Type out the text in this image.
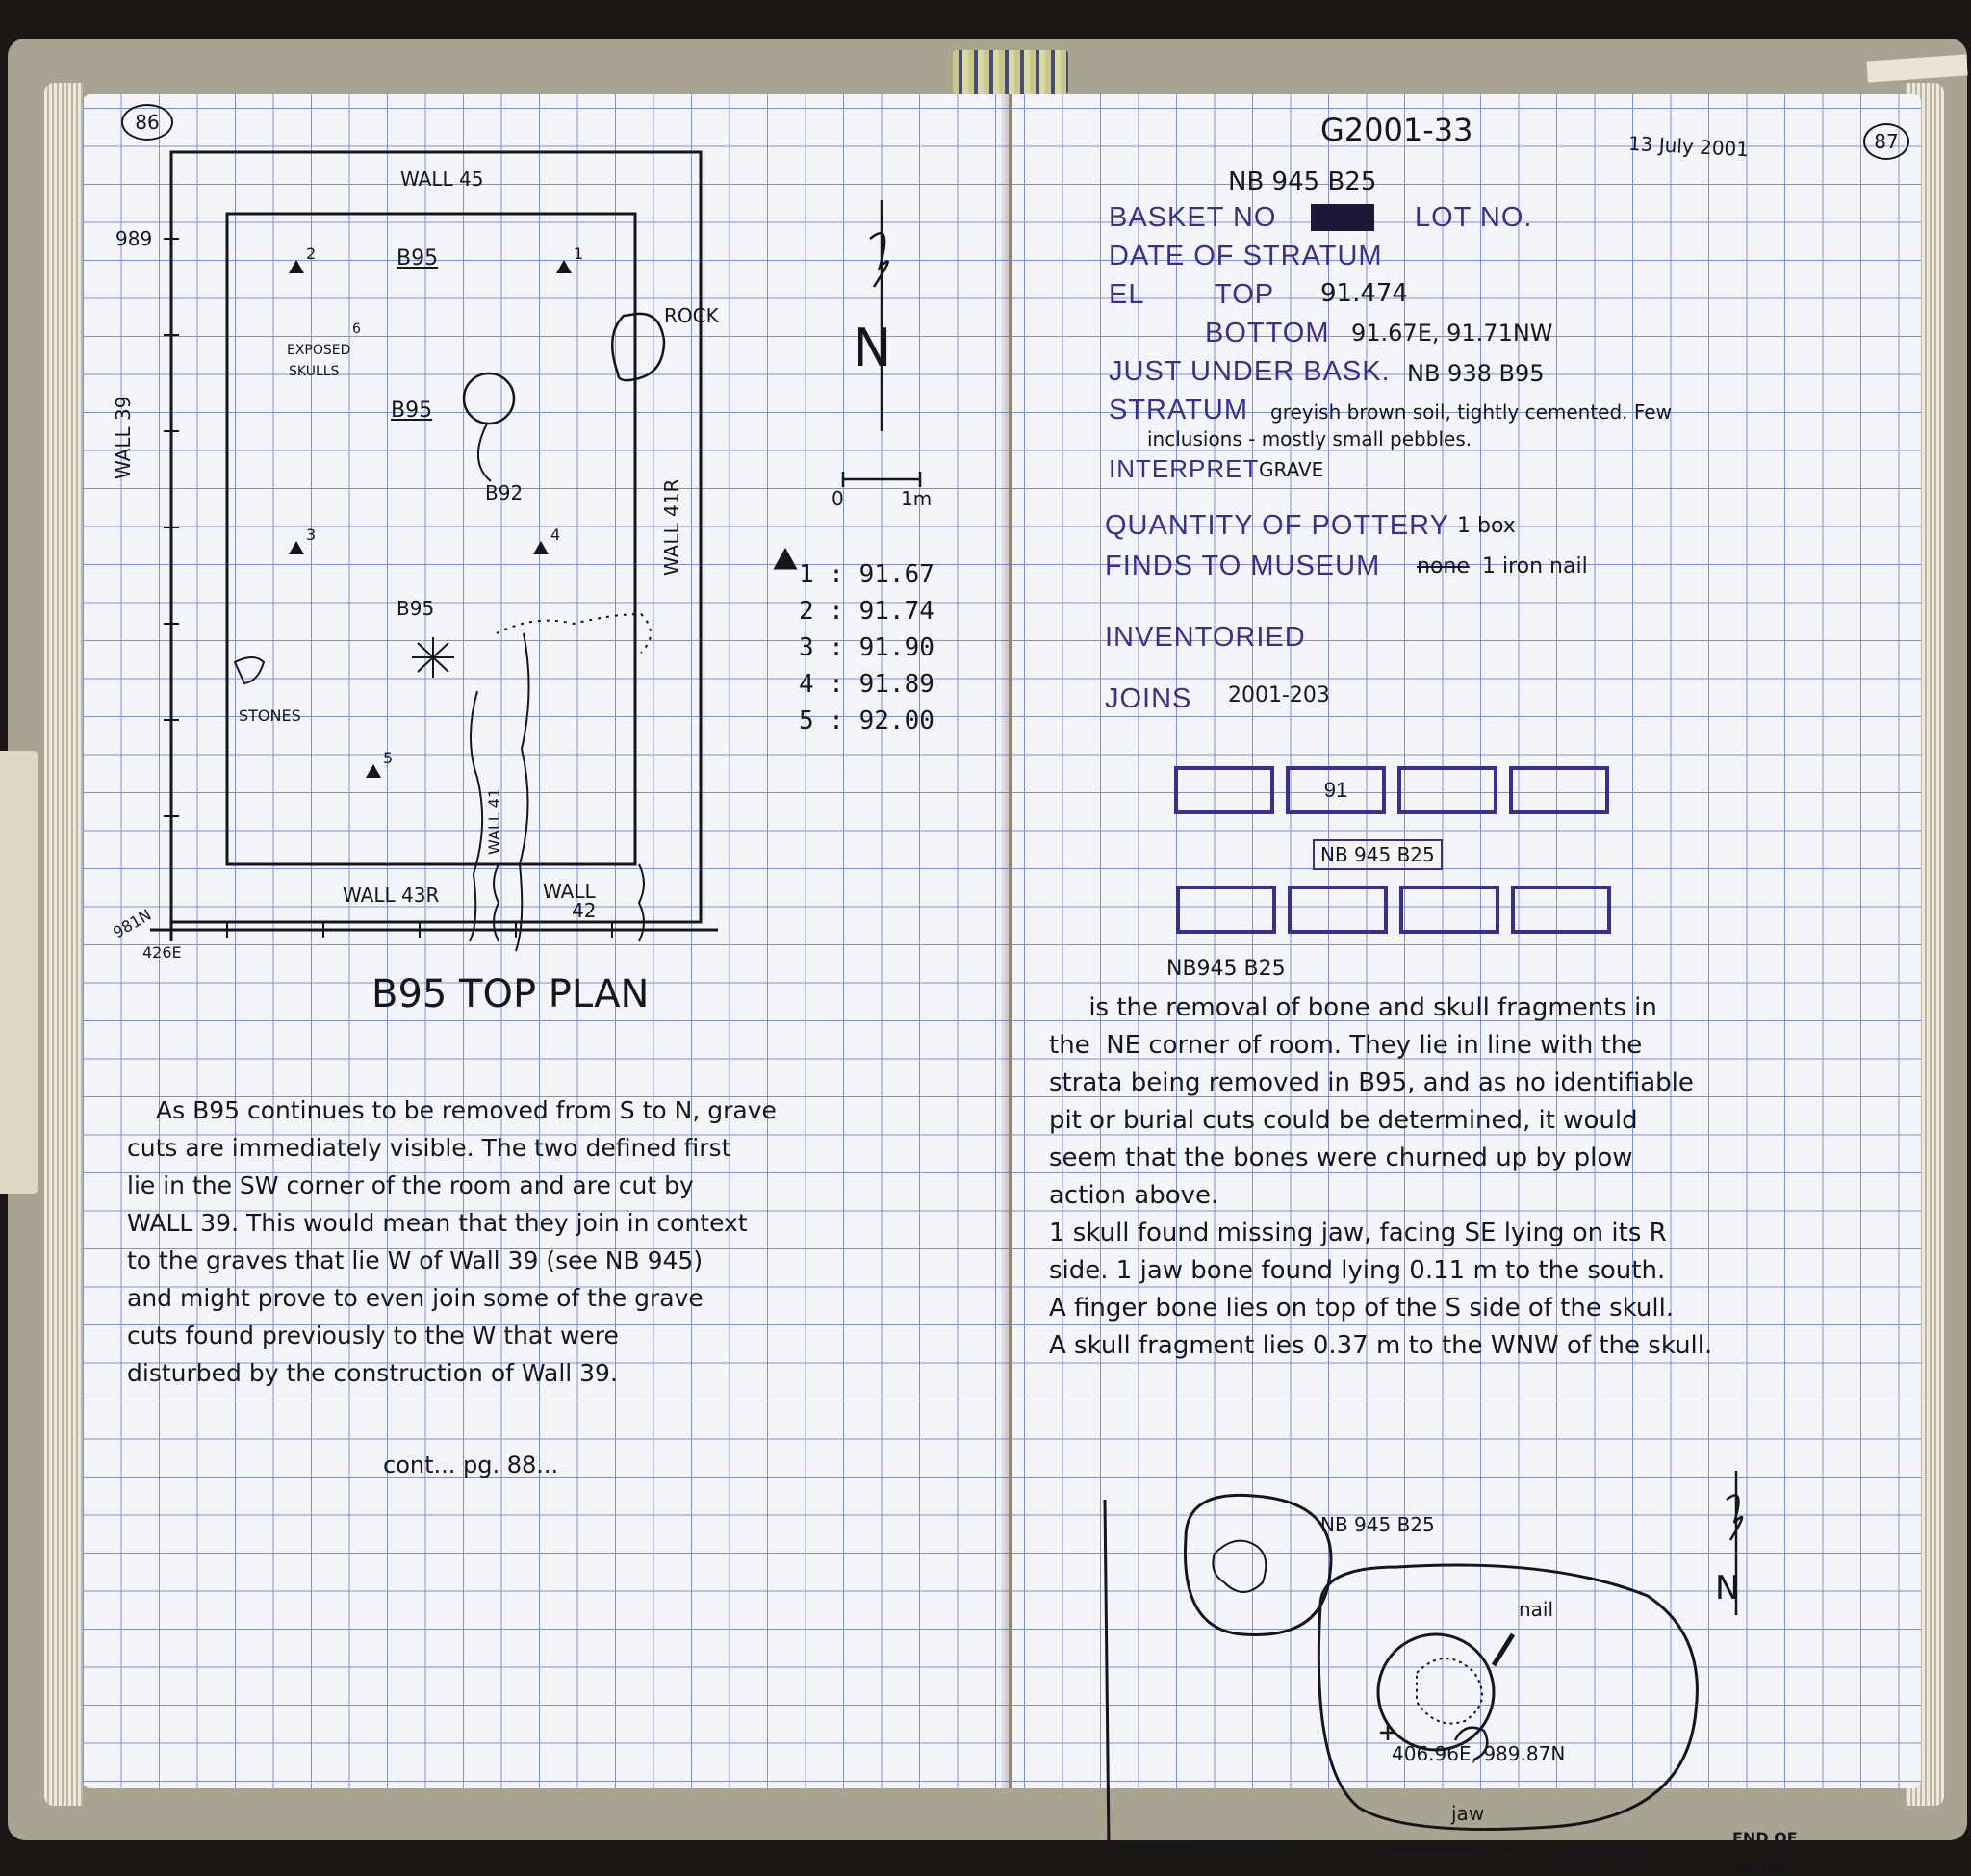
86
WALL 45
WALL 39
WALL 41R
WALL 43R	WALL
42
WALL 41
989
981N
426E
B95
B95
B92
B95
ROCK
EXPOSED
SKULLS
STONES
1
2
3	4
5
6	N
0	1m
1 : 91.67
2 : 91.74
3 : 91.90
4 : 91.89
5 : 92.00
B95 TOP PLAN
As B95 continues to be removed from S to N, grave
cuts are immediately visible. The two defined first
lie in the SW corner of the room and are cut by
WALL 39. This would mean that they join in context
to the graves that lie W of Wall 39 (see NB 945)
and might prove to even join some of the grave
cuts found previously to the W that were
disturbed by the construction of Wall 39.
cont... pg. 88...
G2001-33	13 July 2001	87
NB 945 B25
BASKET NO	LOT NO.
DATE OF STRATUM
EL	TOP 91.474
BOTTOM 91.67E, 91.71NW
JUST UNDER BASK. NB 938 B95
STRATUM greyish brown soil, tightly cemented. Few
inclusions - mostly small pebbles.
INTERPRET GRAVE
QUANTITY OF POTTERY 1 box
FINDS TO MUSEUM none 1 iron nail
INVENTORIED
JOINS 2001-203
91
NB 945 B25
NB945 B25
is the removal of bone and skull fragments in
the  NE corner of room. They lie in line with the
strata being removed in B95, and as no identifiable
pit or burial cuts could be determined, it would
seem that the bones were churned up by plow
action above.
1 skull found missing jaw, facing SE lying on its R
side. 1 jaw bone found lying 0.11 m to the south.
A finger bone lies on top of the S side of the skull.
A skull fragment lies 0.37 m to the WNW of the skull.
NB 945 B25
nail
406.96E, 989.87N
jaw
N
END OF
BASKET
